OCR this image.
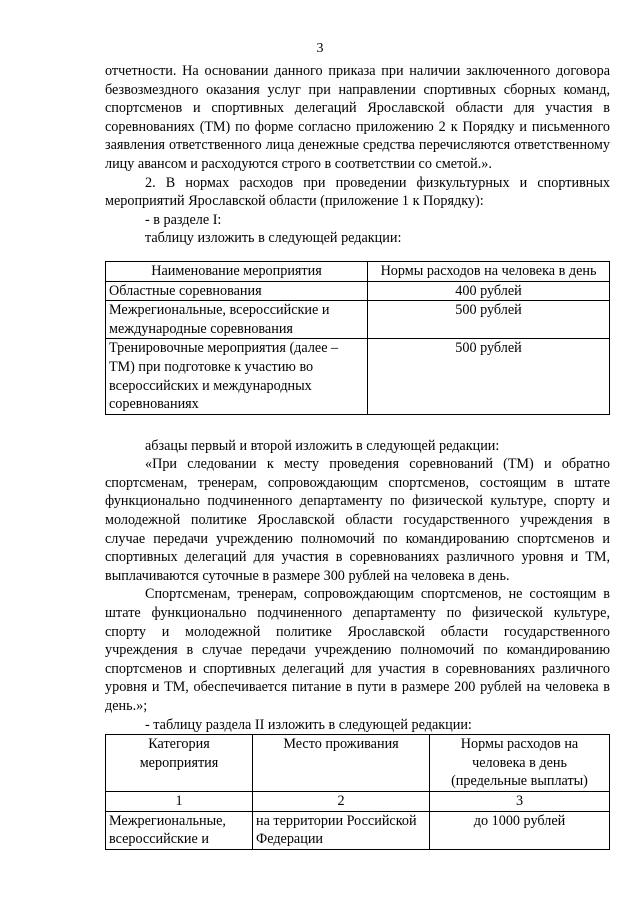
3

отчетности. На основании данного приказа при наличии заключенного договора безвозмездного оказания услуг при направлении спортивных сборных команд, спортсменов и спортивных делегаций Ярославской области для участия в соревнованиях (ТМ) по форме согласно приложению 2 к Порядку и письменного заявления ответственного лица денежные средства перечисляются ответственному лицу авансом и расходуются строго в соответствии со сметой.».

2. В нормах расходов при проведении физкультурных и спортивных мероприятий Ярославской области (приложение 1 к Порядку):

- в разделе I:

таблицу изложить в следующей редакции:

Наименование мероприятия	Нормы расходов на человека в день
Областные соревнования	400 рублей
Межрегиональные, всероссийские и международные соревнования	500 рублей
Тренировочные мероприятия (далее – ТМ) при подготовке к участию во всероссийских и международных соревнованиях	500 рублей

абзацы первый и второй изложить в следующей редакции:

«При следовании к месту проведения соревнований (ТМ) и обратно спортсменам, тренерам, сопровождающим спортсменов, состоящим в штате функционально подчиненного департаменту по физической культуре, спорту и молодежной политике Ярославской области государственного учреждения в случае передачи учреждению полномочий по командированию спортсменов и спортивных делегаций для участия в соревнованиях различного уровня и ТМ, выплачиваются суточные в размере 300 рублей на человека в день.

Спортсменам, тренерам, сопровождающим спортсменов, не состоящим в штате функционально подчиненного департаменту по физической культуре, спорту и молодежной политике Ярославской области государственного учреждения в случае передачи учреждению полномочий по командированию спортсменов и спортивных делегаций для участия в соревнованиях различного уровня и ТМ, обеспечивается питание в пути в размере 200 рублей на человека в день.»;

- таблицу раздела II изложить в следующей редакции:

Категория мероприятия	Место проживания	Нормы расходов на человека в день (предельные выплаты)
1	2	3
Межрегиональные, всероссийские и	на территории Российской Федерации	до 1000 рублей
